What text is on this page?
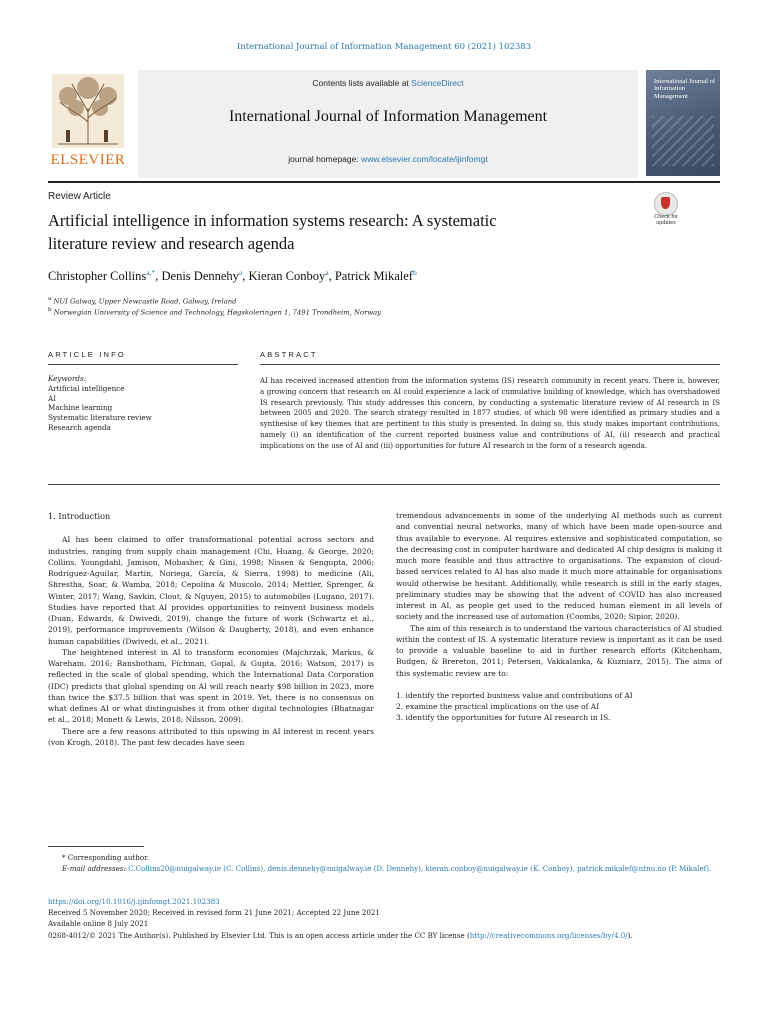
International Journal of Information Management 60 (2021) 102383
ELSEVIER
Contents lists available at ScienceDirect
International Journal of Information Management
journal homepage: www.elsevier.com/locate/ijinfomgt
International Journal of Information Management
Review Article
Artificial intelligence in information systems research: A systematic
literature review and research agenda
Check for updates
Christopher Collins$^{a,*}$, Denis Dennehy$^a$, Kieran Conboy$^a$, Patrick Mikalef$^b$
$^a$ NUI Galway, Upper Newcastle Road, Galway, Ireland
$^b$ Norwegian University of Science and Technology, Høgskoleringen 1, 7491 Trondheim, Norway
ARTICLE INFO	ABSTRACT
Keywords:
Artificial intelligence
AI
Machine learning
Systematic literature review
Research agenda
AI has received increased attention from the information systems (IS) research community in recent years. There is, however, a growing concern that research on AI could experience a lack of cumulative building of knowledge, which has overshadowed IS research previously. This study addresses this concern, by conducting a systematic literature review of AI research in IS between 2005 and 2020. The search strategy resulted in 1877 studies, of which 98 were identified as primary studies and a synthesise of key themes that are pertinent to this study is presented. In doing so, this study makes important contributions, namely (i) an identification of the current reported business value and contributions of AI, (ii) research and practical implications on the use of AI and (iii) opportunities for future AI research in the form of a research agenda.

1. Introduction

AI has been claimed to offer transformational potential across sectors and industries, ranging from supply chain management (Chi, Huang, & George, 2020; Collins, Youngdahl, Jamison, Mobasher, & Gini, 1998; Nissen & Sengupta, 2006; Rodríguez-Aguilar, Martín, Noriega, García, & Sierra, 1998) to medicine (Ali, Shrestha, Soar, & Wamba, 2018; Cepolina & Muscolo, 2014; Mettler, Sprenger, & Winter, 2017; Wang, Savkin, Clout, & Nguyen, 2015) to automobiles (Lugano, 2017). Studies have reported that AI provides opportunities to reinvent business models (Duan, Edwards, & Dwivedi, 2019), change the future of work (Schwartz et al., 2019), performance improvements (Wilson & Daugherty, 2018), and even enhance human capabilities (Dwivedi, et al., 2021).

The heightened interest in AI to transform economies (Majchrzak, Markus, & Wareham, 2016; Ransbotham, Fichman, Gopal, & Gupta, 2016; Watson, 2017) is reflected in the scale of global spending, which the International Data Corporation (IDC) predicts that global spending on AI will reach nearly $98 billion in 2023, more than twice the $37.5 billion that was spent in 2019. Yet, there is no consensus on what defines AI or what distinguishes it from other digital technologies (Bhatnagar et al., 2018; Monett & Lewis, 2018; Nilsson, 2009).

There are a few reasons attributed to this upswing in AI interest in recent years (von Krogh, 2018). The past few decades have seen

tremendous advancements in some of the underlying AI methods such as current and convential neural networks, many of which have been made open-source and thus available to everyone. AI requires extensive and sophisticated computation, so the decreasing cost in computer hardware and dedicated AI chip designs is making it much more feasible and thus attractive to organisations. The expansion of cloud-based services related to AI has also made it much more attainable for organisations would otherwise be hesitant. Additionally, while research is still in the early stages, preliminary studies may be showing that the advent of COVID has also increased interest in AI, as people get used to the reduced human element in all levels of society and the increased use of automation (Coombs, 2020; Sipior, 2020).

The aim of this research is to understand the various characteristics of AI studied within the context of IS. A systematic literature review is important as it can be used to provide a valuable baseline to aid in further research efforts (Kitchenham, Budgen, & Brereton, 2011; Petersen, Vakkalanka, & Kuzniarz, 2015). The aims of this systematic review are to:

1. identify the reported business value and contributions of AI
2. examine the practical implications on the use of AI
3. identify the opportunities for future AI research in IS.
* Corresponding author.
E-mail addresses: C.Collins20@nuigalway.ie (C. Collins), denis.dennehy@nuigalway.ie (D. Dennehy), kieran.conboy@nuigalway.ie (K. Conboy), patrick.mikalef@ntnu.no (P. Mikalef).
https://doi.org/10.1016/j.ijinfomgt.2021.102383
Received 5 November 2020; Received in revised form 21 June 2021; Accepted 22 June 2021
Available online 8 July 2021
0268-4012/© 2021 The Author(s). Published by Elsevier Ltd. This is an open access article under the CC BY license (http://creativecommons.org/licenses/by/4.0/).
